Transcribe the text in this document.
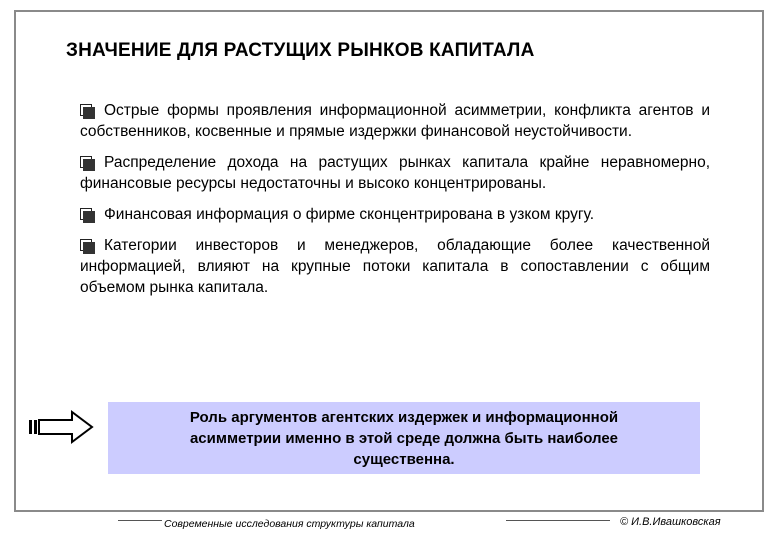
ЗНАЧЕНИЕ ДЛЯ РАСТУЩИХ РЫНКОВ КАПИТАЛА
Острые формы проявления информационной асимметрии, конфликта агентов и собственников, косвенные и прямые издержки финансовой неустойчивости.
Распределение дохода на растущих рынках капитала крайне неравномерно, финансовые ресурсы недостаточны и высоко концентрированы.
Финансовая информация о фирме сконцентрирована в узком кругу.
Категории инвесторов и менеджеров, обладающие более качественной информацией, влияют на крупные потоки капитала в сопоставлении с общим объемом рынка капитала.
Роль аргументов агентских издержек и информационной асимметрии именно в этой среде должна быть наиболее существенна.
Современные исследования структуры капитала	© И.В.Ивашковская
